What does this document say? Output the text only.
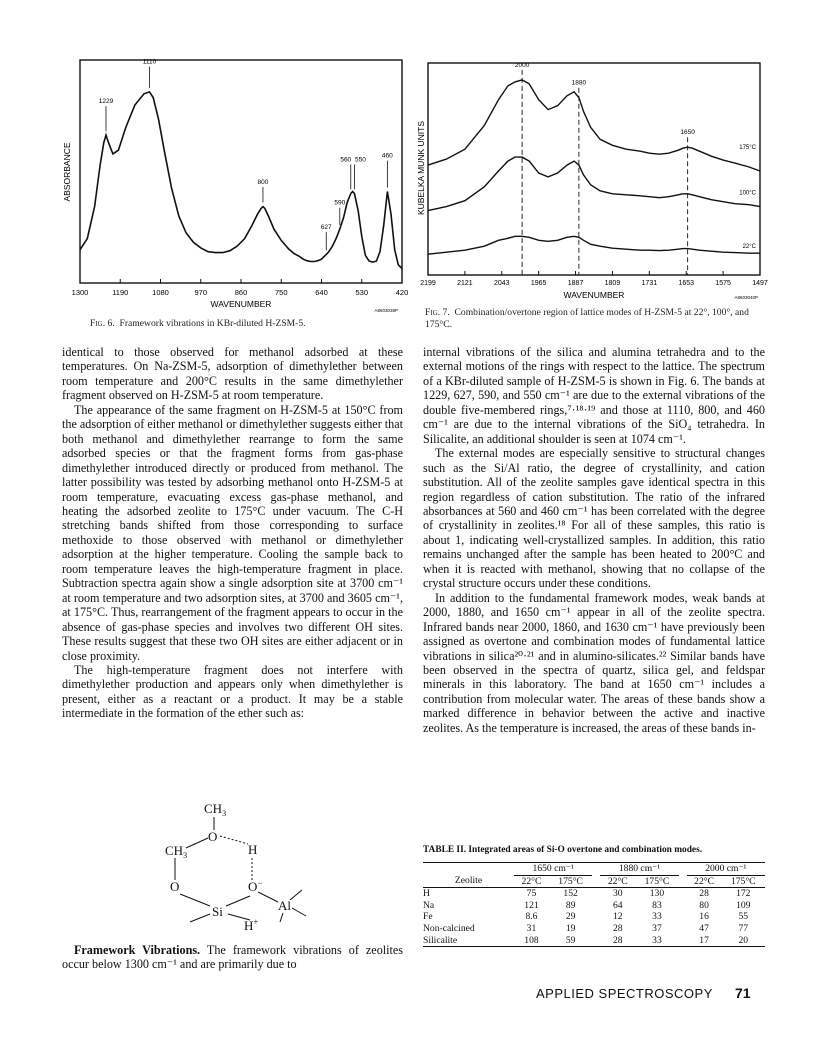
ABSORBANCE
WAVENUMBER
A8603038P
1300	1190	1080	970	860	750	640	530	420
1229
1110
800
627
590
560 550
460
Fig. 6. Framework vibrations in KBr-diluted H-ZSM-5.
KUBELKA MUNK UNITS
WAVENUMBER	A8603040P
2199	2121	2043	1965	1887	1809	1731	1653	1575	1497
2000
1880
1650
175°C
100°C
22°C
Fig. 7. Combination/overtone region of lattice modes of H-ZSM-5 at 22°, 100°, and 175°C.

identical to those observed for methanol adsorbed at these temperatures. On Na-ZSM-5, adsorption of dimethylether between room temperature and 200°C results in the same dimethylether fragment observed on H-ZSM-5 at room temperature.

The appearance of the same fragment on H-ZSM-5 at 150°C from the adsorption of either methanol or dimethylether suggests either that both methanol and dimethylether rearrange to form the same adsorbed species or that the fragment forms from gas-phase dimethylether introduced directly or produced from methanol. The latter possibility was tested by adsorbing methanol onto H-ZSM-5 at room temperature, evacuating excess gas-phase methanol, and heating the adsorbed zeolite to 175°C under vacuum. The C-H stretching bands shifted from those corresponding to surface methoxide to those observed with methanol or dimethylether adsorption at the higher temperature. Cooling the sample back to room temperature leaves the high-temperature fragment in place. Subtraction spectra again show a single adsorption site at 3700 cm⁻¹ at room temperature and two adsorption sites, at 3700 and 3605 cm⁻¹, at 175°C. Thus, rearrangement of the fragment appears to occur in the absence of gas-phase species and involves two different OH sites. These results suggest that these two OH sites are either adjacent or in close proximity.

The high-temperature fragment does not interfere with dimethylether production and appears only when dimethylether is present, either as a reactant or a product. It may be a stable intermediate in the formation of the ether such as:

$CH_3$
O
$CH_3$	H
O	O−
Si	Al
H+

Framework Vibrations. The framework vibrations of zeolites occur below 1300 cm⁻¹ and are primarily due to

internal vibrations of the silica and alumina tetrahedra and to the external motions of the rings with respect to the lattice. The spectrum of a KBr-diluted sample of H-ZSM-5 is shown in Fig. 6. The bands at 1229, 627, 590, and 550 cm⁻¹ are due to the external vibrations of the double five-membered rings,⁷·¹⁸·¹⁹ and those at 1110, 800, and 460 cm⁻¹ are due to the internal vibrations of the SiO₄ tetrahedra. In Silicalite, an additional shoulder is seen at 1074 cm⁻¹.

The external modes are especially sensitive to structural changes such as the Si/Al ratio, the degree of crystallinity, and cation substitution. All of the zeolite samples gave identical spectra in this region regardless of cation substitution. The ratio of the infrared absorbances at 560 and 460 cm⁻¹ has been correlated with the degree of crystallinity in zeolites.¹⁸ For all of these samples, this ratio is about 1, indicating well-crystallized samples. In addition, this ratio remains unchanged after the sample has been heated to 200°C and when it is reacted with methanol, showing that no collapse of the crystal structure occurs under these conditions.

In addition to the fundamental framework modes, weak bands at 2000, 1880, and 1650 cm⁻¹ appear in all of the zeolite spectra. Infrared bands near 2000, 1860, and 1630 cm⁻¹ have previously been assigned as overtone and combination modes of fundamental lattice vibrations in silica²⁰·²¹ and in alumino-silicates.²² Similar bands have been observed in the spectra of quartz, silica gel, and feldspar minerals in this laboratory. The band at 1650 cm⁻¹ includes a contribution from molecular water. The areas of these bands show a marked difference in behavior between the active and inactive zeolites. As the temperature is increased, the areas of these bands in-

TABLE II. Integrated areas of Si-O overtone and combination modes.
	1650 cm⁻¹			1880 cm⁻¹			2000 cm⁻¹	
Zeolite	22°C	175°C		22°C	175°C		22°C	175°C
H	75	152		30	130		28	172
Na	121	89		64	83		80	109
Fe	8.6	29		12	33		16	55
Non-calcined	31	19		28	37		47	77
Silicalite	108	59		28	33		17	20
APPLIED SPECTROSCOPY 71
